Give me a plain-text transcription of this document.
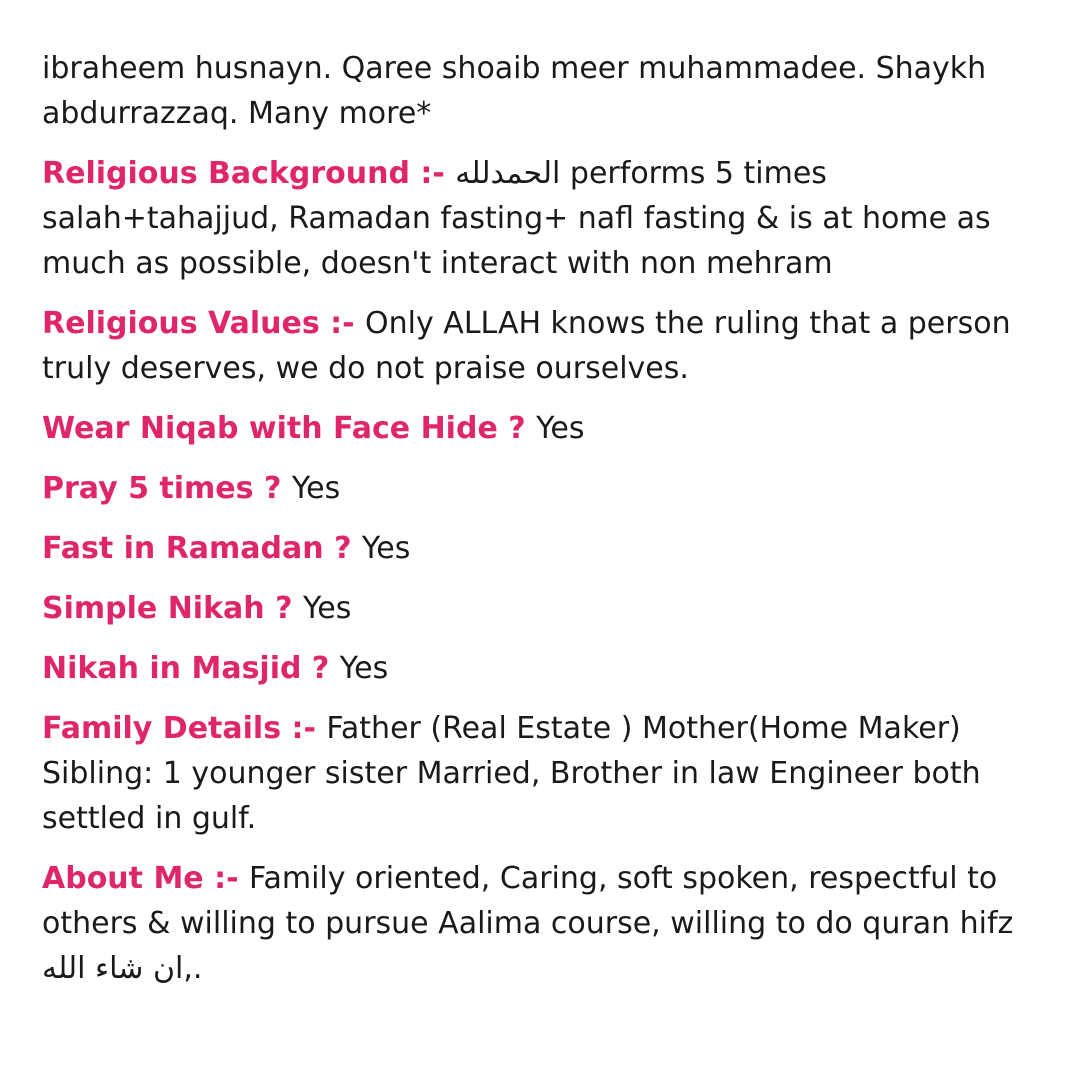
ibraheem husnayn. Qaree shoaib meer muhammadee. Shaykh abdurrazzaq. Many more*

Religious Background :- الحمدلله performs 5 times salah+tahajjud, Ramadan fasting+ nafl fasting & is at home as much as possible, doesn't interact with non mehram

Religious Values :- Only ALLAH knows the ruling that a person truly deserves, we do not praise ourselves.

Wear Niqab with Face Hide ? Yes

Pray 5 times ? Yes

Fast in Ramadan ? Yes

Simple Nikah ? Yes

Nikah in Masjid ? Yes

Family Details :- Father (Real Estate ) Mother(Home Maker) Sibling: 1 younger sister Married, Brother in law Engineer both settled in gulf.

About Me :- Family oriented, Caring, soft spoken, respectful to others & willing to pursue Aalima course, willing to do quran hifz ان شاء الله,.
